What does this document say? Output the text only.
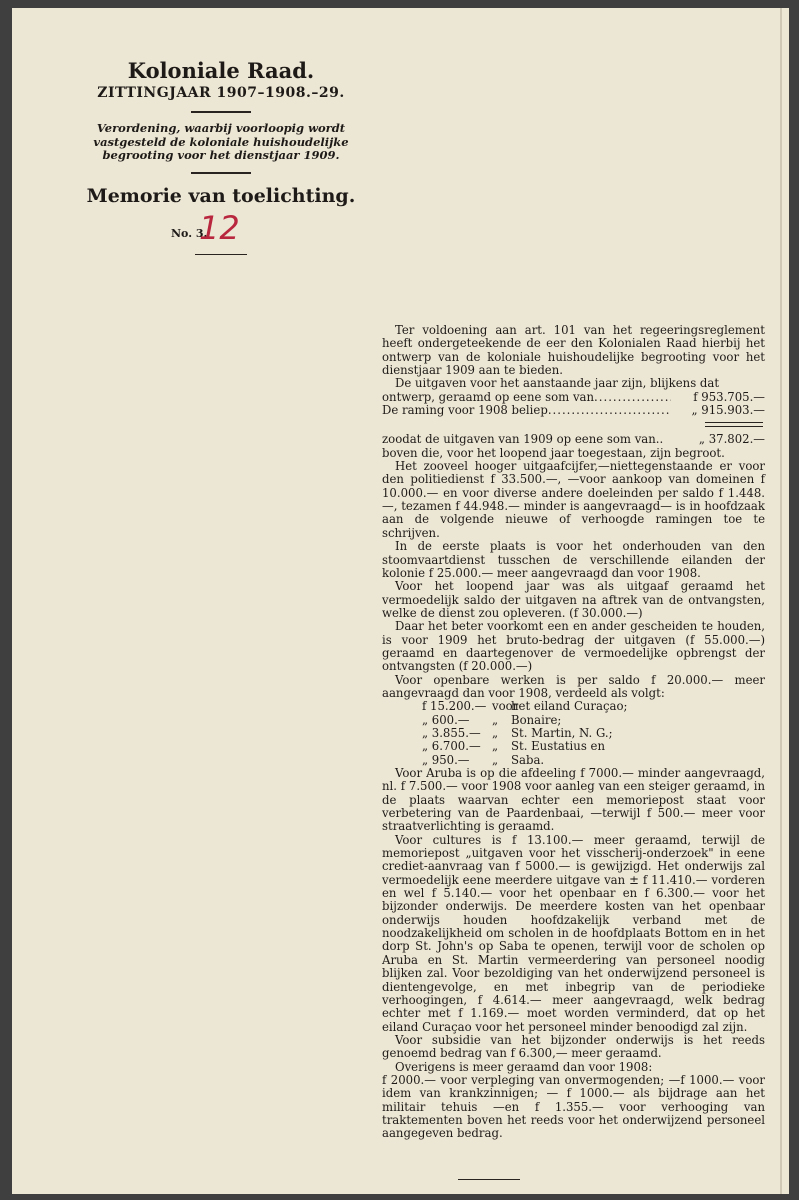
Koloniale Raad.

ZITTINGJAAR 1907–1908.–29.

Verordening, waarbij voorloopig wordt vastgesteld de koloniale huishoudelijke begrooting voor het dienstjaar 1909.

Memorie van toelichting.

No. 3.
12

Ter voldoening aan art. 101 van het regeeringsreglement heeft ondergeteekende de eer den Kolonialen Raad hierbij het ontwerp van de koloniale huishoudelijke begrooting voor het dienstjaar 1909 aan te bieden.

De uitgaven voor het aanstaande jaar zijn, blijkens dat

ontwerp, geraamd op eene som van .....	f 953.705.—
De raming voor 1908 beliep .....	„ 915.903.—
zoodat de uitgaven van 1909 op eene som van..	„ 37.802.—

boven die, voor het loopend jaar toegestaan, zijn begroot.

Het zooveel hooger uitgaafcijfer,—niettegenstaande er voor den politiedienst f 33.500.—, —voor aankoop van domeinen f 10.000.— en voor diverse andere doeleinden per saldo f 1.448.—, tezamen f 44.948.— minder is aangevraagd— is in hoofdzaak aan de volgende nieuwe of verhoogde ramingen toe te schrijven.

In de eerste plaats is voor het onderhouden van den stoomvaartdienst tusschen de verschillende eilanden der kolonie f 25.000.— meer aangevraagd dan voor 1908.

Voor het loopend jaar was als uitgaaf geraamd het vermoedelijk saldo der uitgaven na aftrek van de ontvangsten, welke de dienst zou opleveren. (f 30.000.—)

Daar het beter voorkomt een en ander gescheiden te houden, is voor 1909 het bruto-bedrag der uitgaven (f 55.000.—) geraamd en daartegenover de vermoedelijke opbrengst der ontvangsten (f 20.000.—)

Voor openbare werken is per saldo f 20.000.— meer aangevraagd dan voor 1908, verdeeld als volgt:

f 15.200.— voor
het eiland Curaçao;
„ 600.—	„	Bonaire;
„ 3.855.— „	St. Martin, N. G.;
„ 6.700.— „	St. Eustatius en
„ 950.—	„	Saba.

Voor Aruba is op die afdeeling f 7000.— minder aangevraagd, nl. f 7.500.— voor 1908 voor aanleg van een steiger geraamd, in de plaats waarvan echter een memoriepost staat voor verbetering van de Paardenbaai, —terwijl f 500.— meer voor straatverlichting is geraamd.

Voor cultures is f 13.100.— meer geraamd, terwijl de memoriepost „uitgaven voor het visscherij-onderzoek" in eene crediet-aanvraag van f 5000.— is gewijzigd. Het onderwijs zal vermoedelijk eene meerdere uitgave van ± f 11.410.— vorderen en wel f 5.140.— voor het openbaar en f 6.300.— voor het bijzonder onderwijs. De meerdere kosten van het openbaar onderwijs houden hoofdzakelijk verband met de noodzakelijkheid om scholen in de hoofdplaats Bottom en in het dorp St. John's op Saba te openen, terwijl voor de scholen op Aruba en St. Martin vermeerdering van personeel noodig blijken zal. Voor bezoldiging van het onderwijzend personeel is dientengevolge, en met inbegrip van de periodieke verhoogingen, f 4.614.— meer aangevraagd, welk bedrag echter met f 1.169.— moet worden verminderd, dat op het eiland Curaçao voor het personeel minder benoodigd zal zijn.

Voor subsidie van het bijzonder onderwijs is het reeds genoemd bedrag van f 6.300,— meer geraamd.

Overigens is meer geraamd dan voor 1908:

f 2000.— voor verpleging van onvermogenden; —f 1000.— voor idem van krankzinnigen; — f 1000.— als bijdrage aan het militair tehuis —en f 1.355.— voor verhooging van traktementen boven het reeds voor het onderwijzend personeel aangegeven bedrag.
